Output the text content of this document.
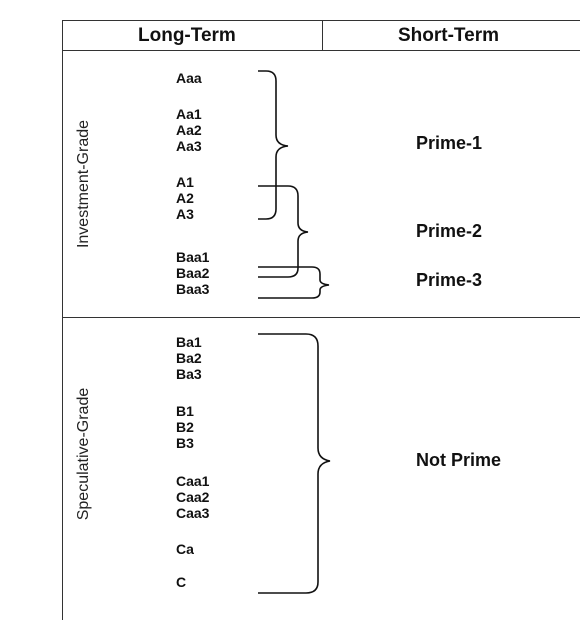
Long-Term	Short-Term
Investment-Grade
Speculative-Grade
Aaa
Aa1
Aa2
Aa3
A1
A2
A3
Baa1
Baa2
Baa3
Ba1
Ba2
Ba3
B1
B2
B3
Caa1
Caa2
Caa3
Ca
C
Prime-1
Prime-2
Prime-3
Not Prime
